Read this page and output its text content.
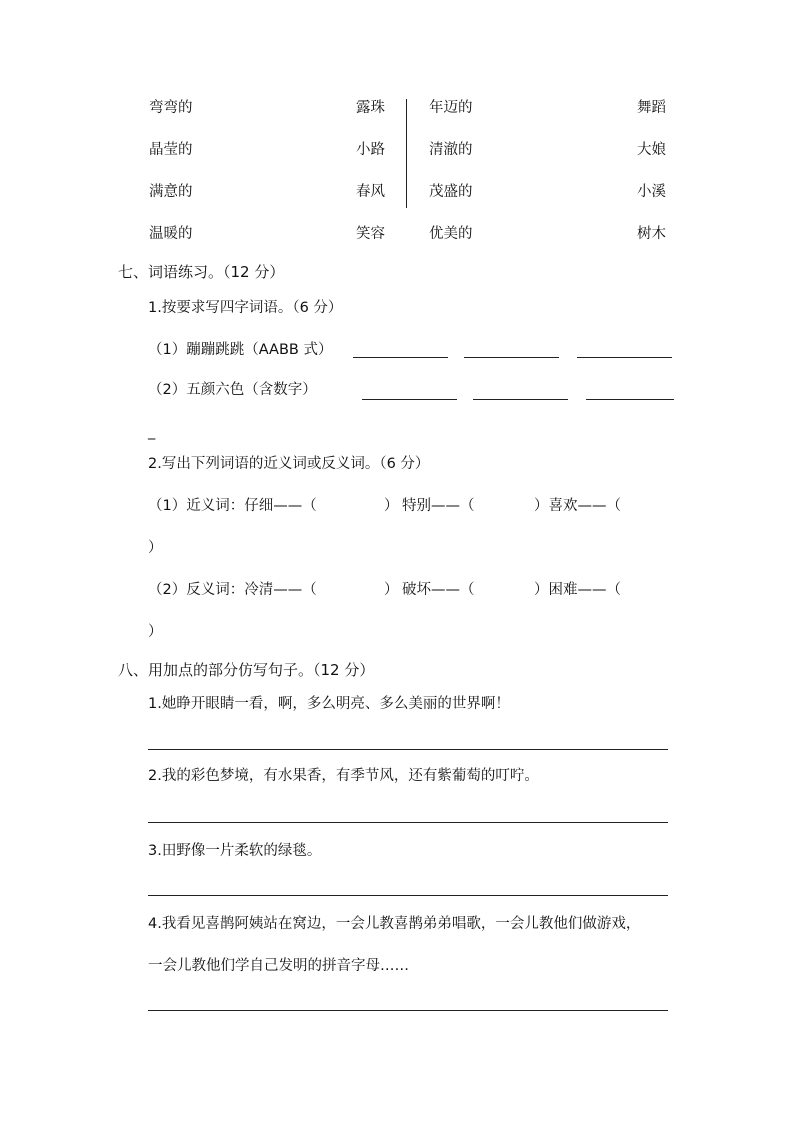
弯弯的	露珠
晶莹的	小路
满意的	春风
温暖的	笑容
年迈的	舞蹈
清澈的	大娘
茂盛的	小溪
优美的	树木
七、词语练习。（12 分）
1.按要求写四字词语。（6 分）
（1）蹦蹦跳跳（AABB 式）
（2）五颜六色（含数字）
_
2.写出下列词语的近义词或反义词。（6 分）
（1）近义词：仔细——（	） 特别——（	）喜欢——（
）
（2）反义词：冷清——（	） 破坏——（	）困难——（
）
八、用加点的部分仿写句子。（12 分）
1.她睁开眼睛一看，啊，多么明亮、多么美丽的世界啊！
2.我的彩色梦境，有水果香，有季节风，还有紫葡萄的叮咛。
3.田野像一片柔软的绿毯。
4.我看见喜鹊阿姨站在窝边，一会儿教喜鹊弟弟唱歌，一会儿教他们做游戏，
一会儿教他们学自己发明的拼音字母……
